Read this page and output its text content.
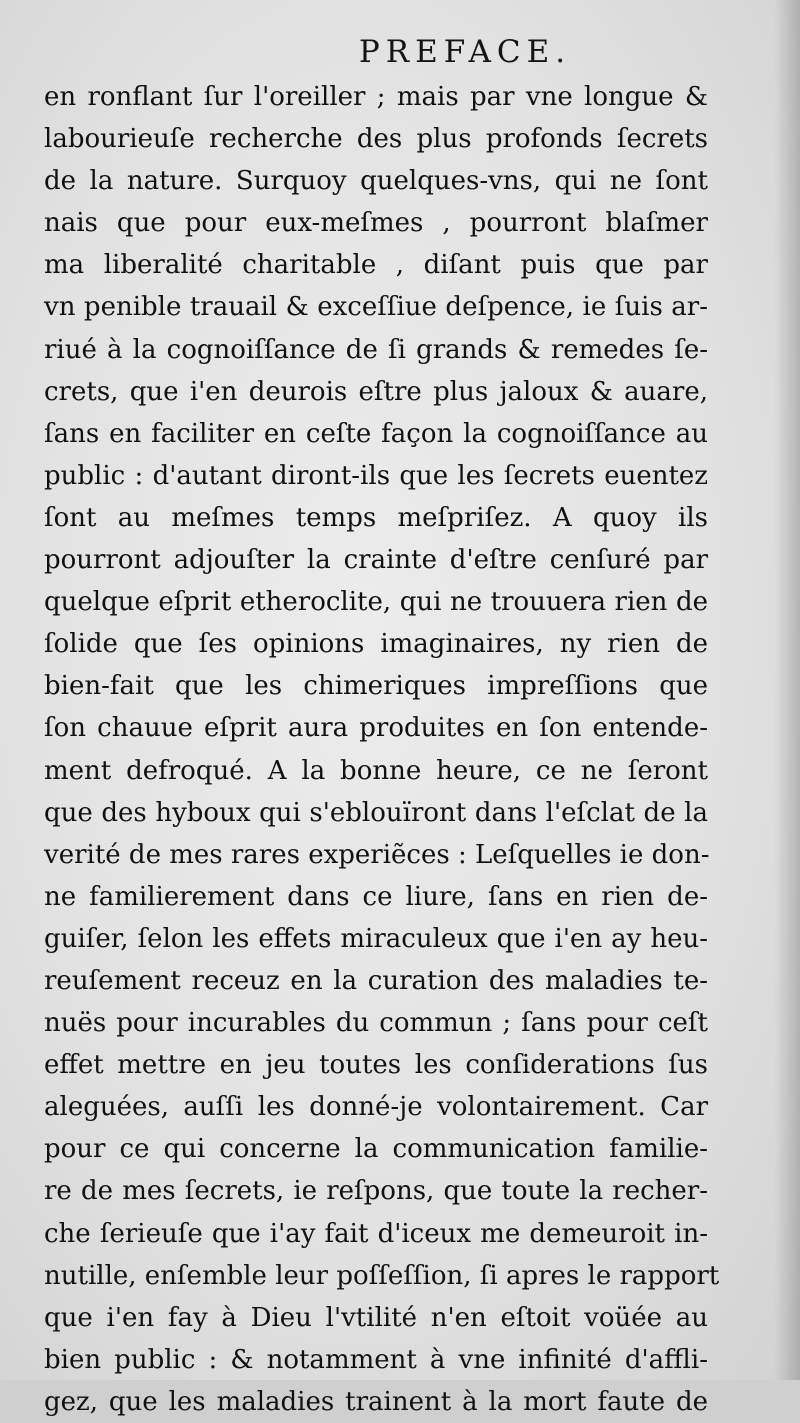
PREFACE.
en ronflant ſur l'oreiller ; mais par vne longue &
labourieuſe recherche des plus profonds ſecrets
de la nature. Surquoy quelques-vns, qui ne ſont
nais que pour eux-meſmes , pourront blaſmer
ma liberalité charitable , diſant puis que par
vn penible trauail & exceſſiue deſpence, ie ſuis ar-
riué à la cognoiſſance de ſi grands & remedes ſe-
crets, que i'en deurois eſtre plus jaloux & auare,
ſans en faciliter en ceſte façon la cognoiſſance au
public : d'autant diront-ils que les ſecrets euentez
ſont au meſmes temps meſpriſez. A quoy ils
pourront adjouſter la crainte d'eſtre cenſuré par
quelque eſprit etheroclite, qui ne trouuera rien de
ſolide que ſes opinions imaginaires, ny rien de
bien-fait que les chimeriques impreſſions que
ſon chauue eſprit aura produites en ſon entende-
ment defroqué. A la bonne heure, ce ne ſeront
que des hyboux qui s'eblouïront dans l'eſclat de la
verité de mes rares experiẽces : Leſquelles ie don-
ne familierement dans ce liure, ſans en rien de-
guiſer, ſelon les effets miraculeux que i'en ay heu-
reuſement receuz en la curation des maladies te-
nuës pour incurables du commun ; ſans pour ceſt
effet mettre en jeu toutes les conſiderations ſus
aleguées, auſſi les donné-je volontairement. Car
pour ce qui concerne la communication familie-
re de mes ſecrets, ie reſpons, que toute la recher-
che ſerieuſe que i'ay fait d'iceux me demeuroit in-
nutille, enſemble leur poſſeſſion, ſi apres le rapport
que i'en fay à Dieu l'vtilité n'en eſtoit voüée au
bien public : & notamment à vne infinité d'affli-
gez, que les maladies trainent à la mort faute de
